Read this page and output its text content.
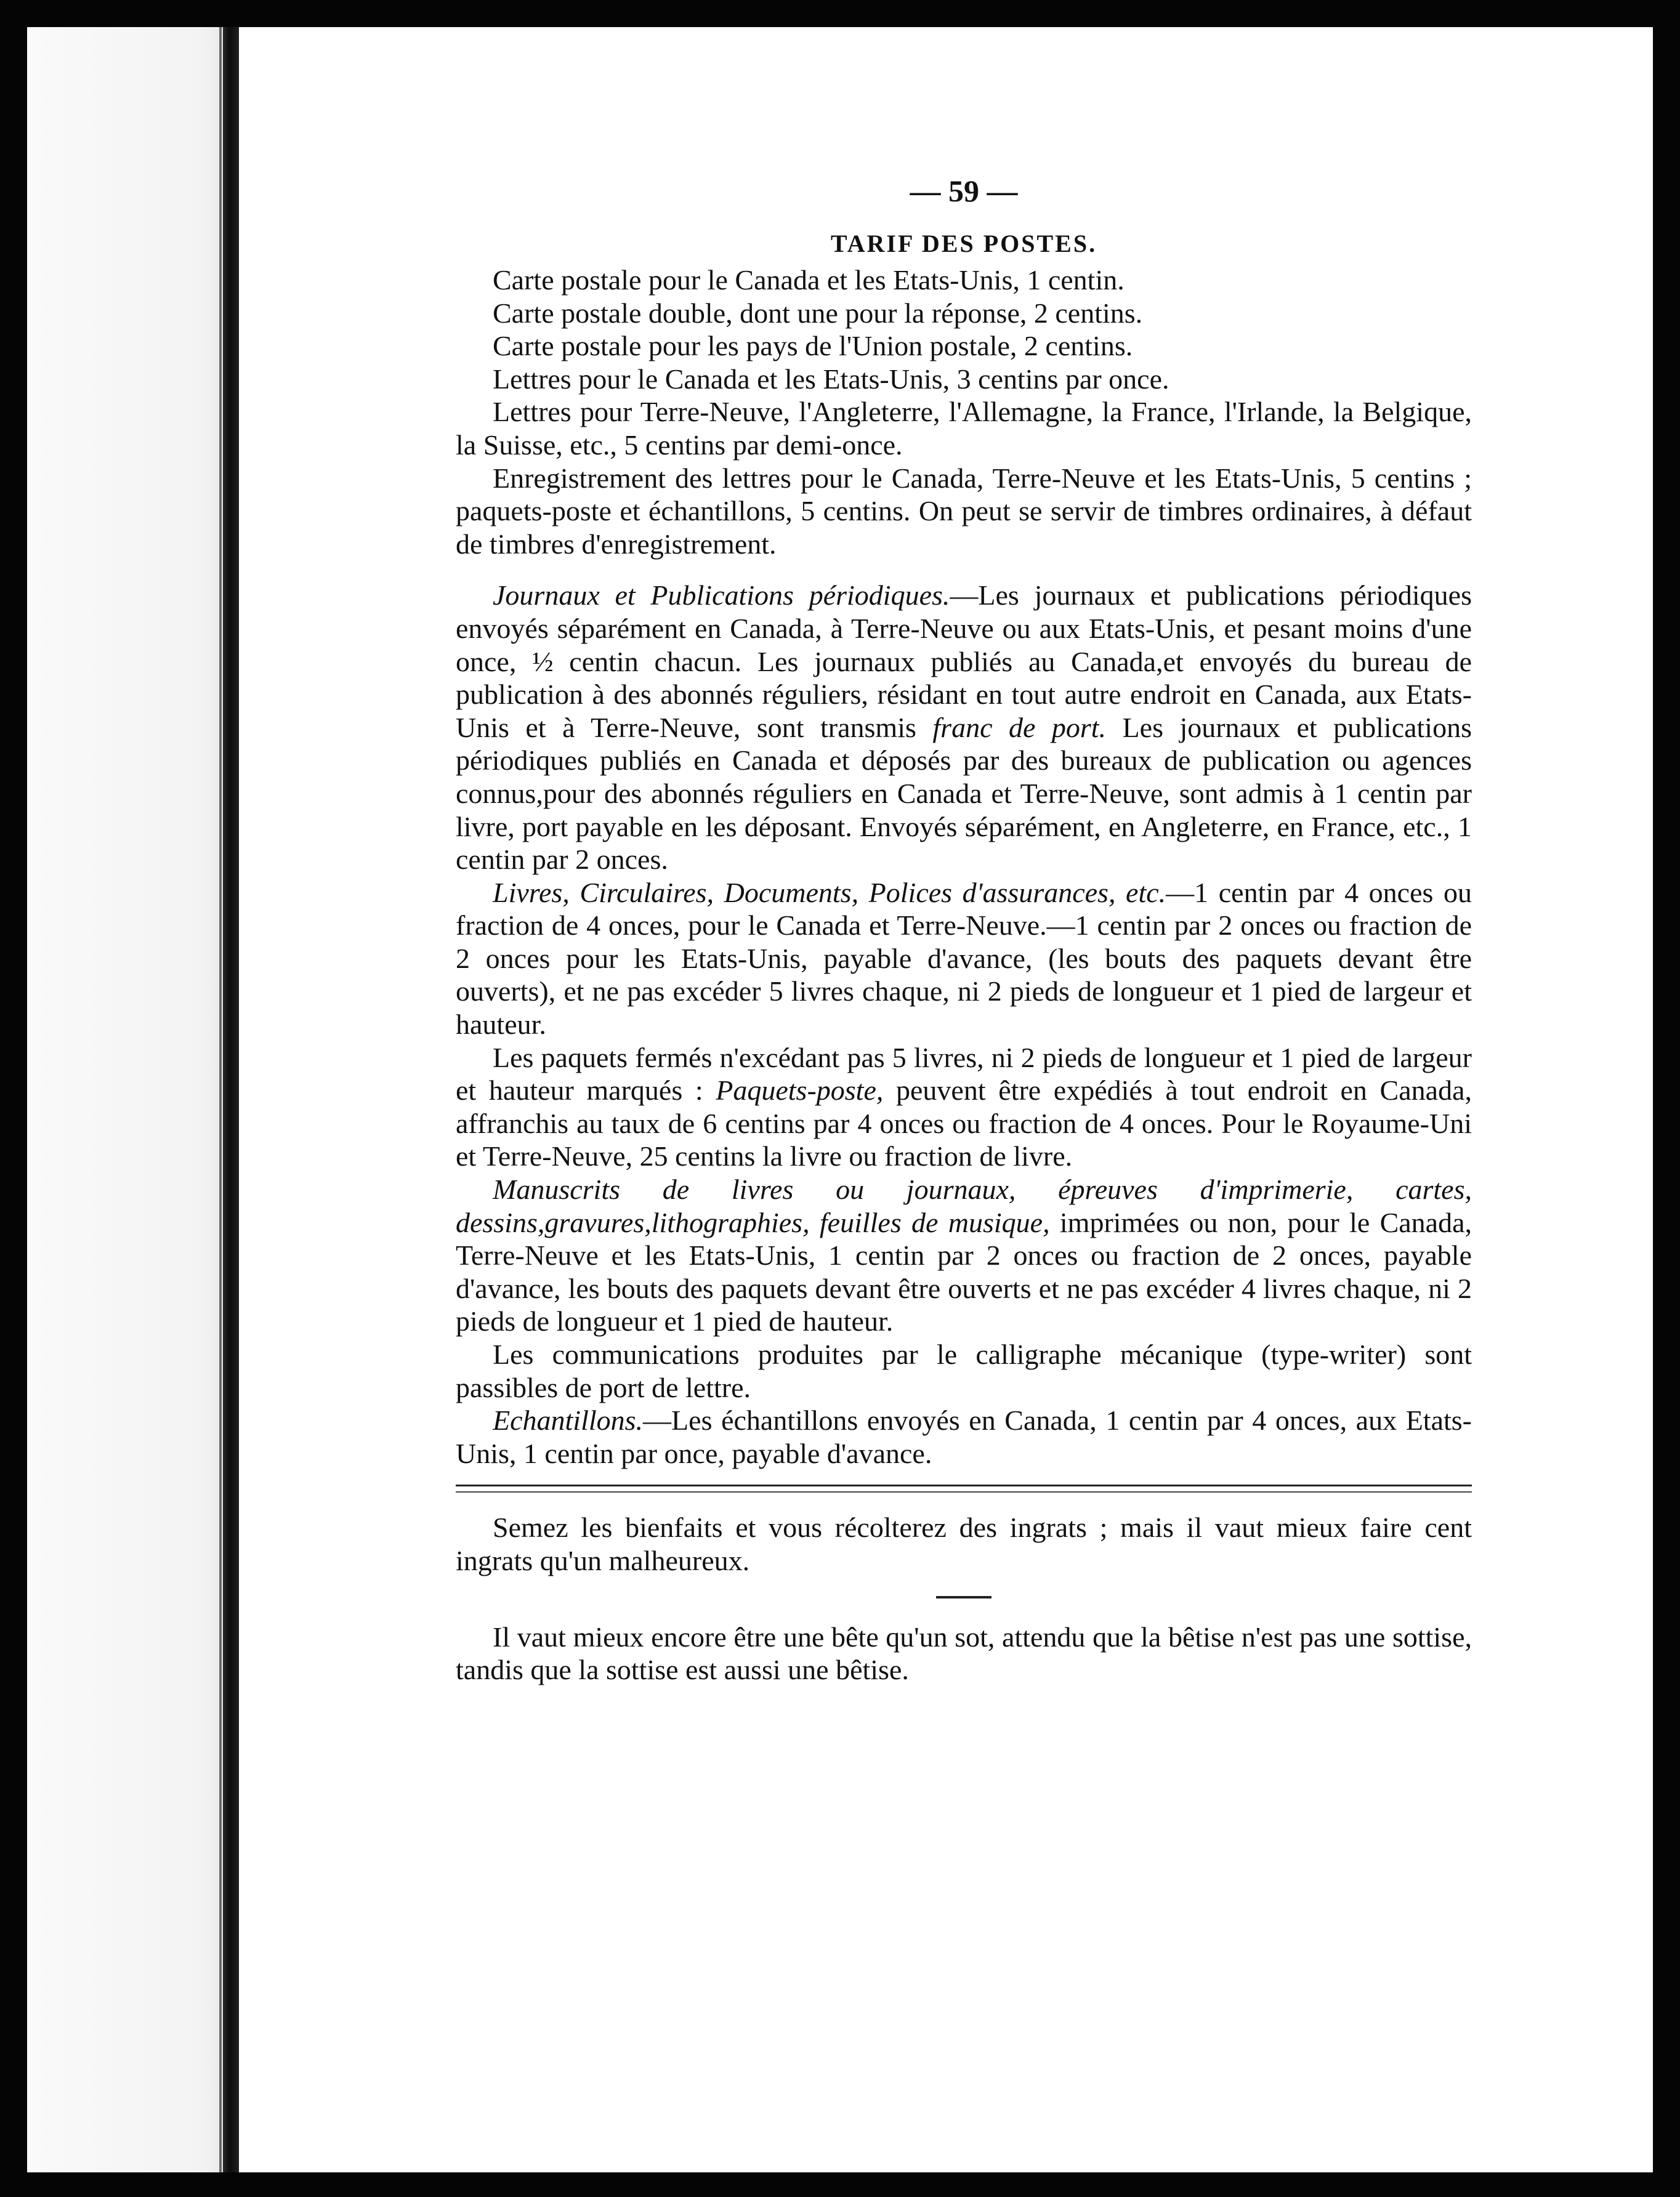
— 59 —
TARIF DES POSTES.

Carte postale pour le Canada et les Etats-Unis, 1 centin.

Carte postale double, dont une pour la réponse, 2 centins.

Carte postale pour les pays de l'Union postale, 2 centins.

Lettres pour le Canada et les Etats-Unis, 3 centins par once.

Lettres pour Terre-Neuve, l'Angleterre, l'Allemagne, la France, l'Irlande, la Belgique, la Suisse, etc., 5 centins par demi-once.

Enregistrement des lettres pour le Canada, Terre-Neuve et les Etats-Unis, 5 centins ; paquets-poste et échantillons, 5 centins. On peut se servir de timbres ordinaires, à défaut de timbres d'enregistrement.

Journaux et Publications périodiques.—Les journaux et publications périodiques envoyés séparément en Canada, à Terre-Neuve ou aux Etats-Unis, et pesant moins d'une once, ½ centin chacun. Les journaux publiés au Canada,et envoyés du bureau de publication à des abonnés réguliers, résidant en tout autre endroit en Canada, aux Etats-Unis et à Terre-Neuve, sont transmis franc de port. Les journaux et publications périodiques publiés en Canada et déposés par des bureaux de publication ou agences connus,pour des abonnés réguliers en Canada et Terre-Neuve, sont admis à 1 centin par livre, port payable en les déposant. Envoyés séparément, en Angleterre, en France, etc., 1 centin par 2 onces.

Livres, Circulaires, Documents, Polices d'assurances, etc.—1 centin par 4 onces ou fraction de 4 onces, pour le Canada et Terre-Neuve.—1 centin par 2 onces ou fraction de 2 onces pour les Etats-Unis, payable d'avance, (les bouts des paquets devant être ouverts), et ne pas excéder 5 livres chaque, ni 2 pieds de longueur et 1 pied de largeur et hauteur.

Les paquets fermés n'excédant pas 5 livres, ni 2 pieds de longueur et 1 pied de largeur et hauteur marqués : Paquets-poste, peuvent être expédiés à tout endroit en Canada, affranchis au taux de 6 centins par 4 onces ou fraction de 4 onces. Pour le Royaume-Uni et Terre-Neuve, 25 centins la livre ou fraction de livre.

Manuscrits de livres ou journaux, épreuves d'imprimerie, cartes, dessins,gravures,lithographies, feuilles de musique, imprimées ou non, pour le Canada, Terre-Neuve et les Etats-Unis, 1 centin par 2 onces ou fraction de 2 onces, payable d'avance, les bouts des paquets devant être ouverts et ne pas excéder 4 livres chaque, ni 2 pieds de longueur et 1 pied de hauteur.

Les communications produites par le calligraphe mécanique (type-writer) sont passibles de port de lettre.

Echantillons.—Les échantillons envoyés en Canada, 1 centin par 4 onces, aux Etats-Unis, 1 centin par once, payable d'avance.

Semez les bienfaits et vous récolterez des ingrats ; mais il vaut mieux faire cent ingrats qu'un malheureux.

Il vaut mieux encore être une bête qu'un sot, attendu que la bêtise n'est pas une sottise, tandis que la sottise est aussi une bêtise.
